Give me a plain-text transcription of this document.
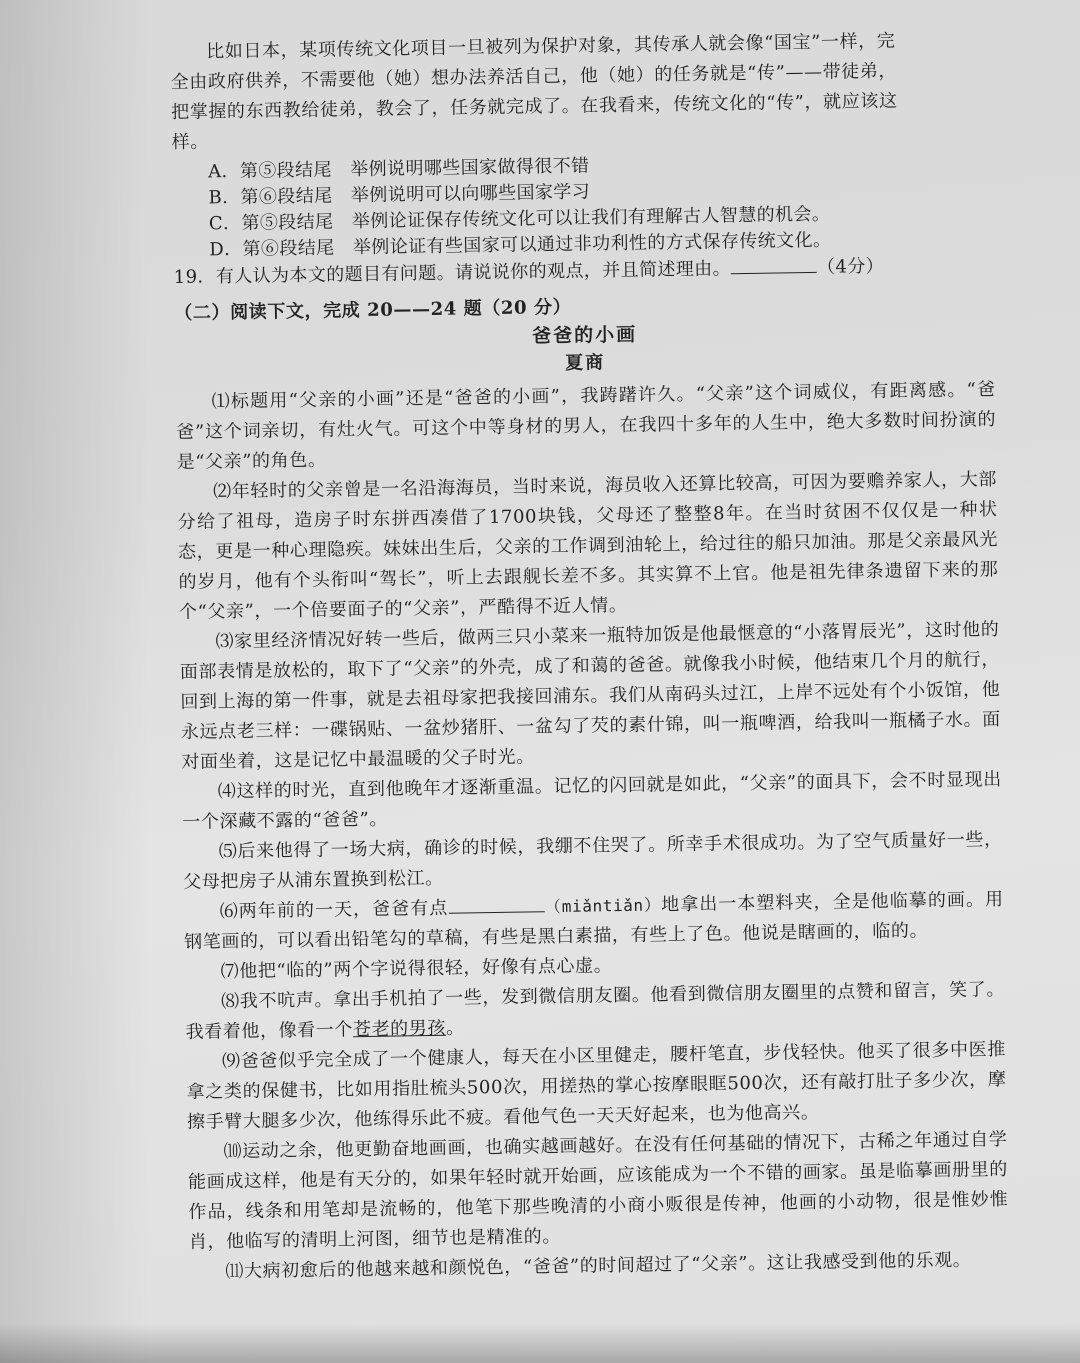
比如日本，某项传统文化项目一旦被列为保护对象，其传承人就会像“国宝”一样，完

全由政府供养，不需要他（她）想办法养活自己，他（她）的任务就是“传”——带徒弟，

把掌握的东西教给徒弟，教会了，任务就完成了。在我看来，传统文化的“传”，就应该这

样。

A．第⑤段结尾　举例说明哪些国家做得很不错

B．第⑥段结尾　举例说明可以向哪些国家学习

C．第⑤段结尾　举例论证保存传统文化可以让我们有理解古人智慧的机会。

D．第⑥段结尾　举例论证有些国家可以通过非功利性的方式保存传统文化。

19．有人认为本文的题目有问题。请说说你的观点，并且简述理由。	（4分）

（二）阅读下文，完成 20——24 题（20 分）

爸爸的小画

夏商

⑴标题用“父亲的小画”还是“爸爸的小画”，我踌躇许久。“父亲”这个词威仪，有距离感。“爸爸”这个词亲切，有灶火气。可这个中等身材的男人，在我四十多年的人生中，绝大多数时间扮演的是“父亲”的角色。

⑵年轻时的父亲曾是一名沿海海员，当时来说，海员收入还算比较高，可因为要赡养家人，大部分给了祖母，造房子时东拼西凑借了1700块钱，父母还了整整8年。在当时贫困不仅仅是一种状态，更是一种心理隐疾。妹妹出生后，父亲的工作调到油轮上，给过往的船只加油。那是父亲最风光的岁月，他有个头衔叫“驾长”，听上去跟舰长差不多。其实算不上官。他是祖先律条遗留下来的那个“父亲”，一个倍要面子的“父亲”，严酷得不近人情。

⑶家里经济情况好转一些后，做两三只小菜来一瓶特加饭是他最惬意的“小落胃辰光”，这时他的面部表情是放松的，取下了“父亲”的外壳，成了和蔼的爸爸。就像我小时候，他结束几个月的航行，回到上海的第一件事，就是去祖母家把我接回浦东。我们从南码头过江，上岸不远处有个小饭馆，他永远点老三样：一碟锅贴、一盆炒猪肝、一盆勾了芡的素什锦，叫一瓶啤酒，给我叫一瓶橘子水。面对面坐着，这是记忆中最温暖的父子时光。

⑷这样的时光，直到他晚年才逐渐重温。记忆的闪回就是如此，“父亲”的面具下，会不时显现出一个深藏不露的“爸爸”。

⑸后来他得了一场大病，确诊的时候，我绷不住哭了。所幸手术很成功。为了空气质量好一些，父母把房子从浦东置换到松江。

⑹两年前的一天，爸爸有点	（miǎntiǎn）地拿出一本塑料夹，全是他临摹的画。用钢笔画的，可以看出铅笔勾的草稿，有些是黑白素描，有些上了色。他说是瞎画的，临的。

⑺他把“临的”两个字说得很轻，好像有点心虚。

⑻我不吭声。拿出手机拍了一些，发到微信朋友圈。他看到微信朋友圈里的点赞和留言，笑了。我看着他，像看一个苍老的男孩。

⑼爸爸似乎完全成了一个健康人，每天在小区里健走，腰杆笔直，步伐轻快。他买了很多中医推拿之类的保健书，比如用指肚梳头500次，用搓热的掌心按摩眼眶500次，还有敲打肚子多少次，摩擦手臂大腿多少次，他练得乐此不疲。看他气色一天天好起来，也为他高兴。

⑽运动之余，他更勤奋地画画，也确实越画越好。在没有任何基础的情况下，古稀之年通过自学能画成这样，他是有天分的，如果年轻时就开始画，应该能成为一个不错的画家。虽是临摹画册里的作品，线条和用笔却是流畅的，他笔下那些晚清的小商小贩很是传神，他画的小动物，很是惟妙惟肖，他临写的清明上河图，细节也是精准的。

⑾大病初愈后的他越来越和颜悦色，“爸爸”的时间超过了“父亲”。这让我感受到他的乐观。
